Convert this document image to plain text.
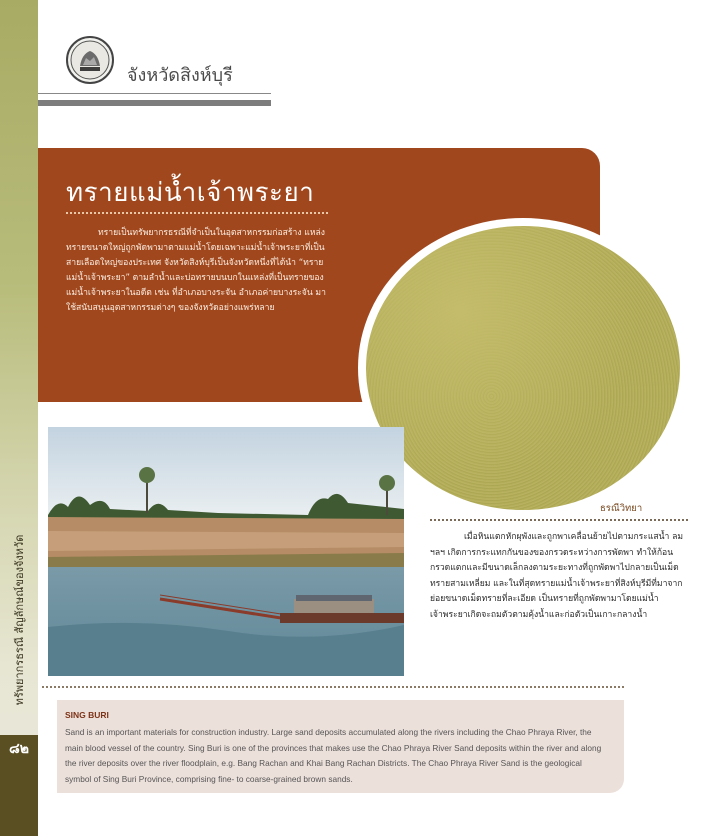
๘๒
ทรัพยากรธรณี สัญลักษณ์ของจังหวัด
จังหวัดสิงห์บุรี
ทรายแม่น้ำเจ้าพระยา

ทรายเป็นทรัพยากรธรณีที่จำเป็นในอุตสาหกรรมก่อสร้าง แหล่งทรายขนาดใหญ่ถูกพัดพามาตามแม่น้ำโดยเฉพาะแม่น้ำเจ้าพระยาที่เป็นสายเลือดใหญ่ของประเทศ จังหวัดสิงห์บุรีเป็นจังหวัดหนึ่งที่ได้นำ “ทรายแม่น้ำเจ้าพระยา” ตามลำน้ำและบ่อทรายบนบกในแหล่งที่เป็นทรายของแม่น้ำเจ้าพระยาในอดีต เช่น ที่อำเภอบางระจัน อำเภอค่ายบางระจัน มาใช้สนับสนุนอุตสาหกรรมต่างๆ ของจังหวัดอย่างแพร่หลาย

ธรณีวิทยา

เมื่อหินแตกหักผุพังและถูกพาเคลื่อนย้ายไปตามกระแสน้ำ ลม ฯลฯ เกิดการกระแทกกันของของกรวดระหว่างการพัดพา ทำให้ก้อนกรวดแตกและมีขนาดเล็กลงตามระยะทางที่ถูกพัดพาไปกลายเป็นเม็ดทรายสามเหลี่ยม และในที่สุดทรายแม่น้ำเจ้าพระยาที่สิงห์บุรีมีที่มาจากย่อยขนาดเม็ดทรายที่ละเอียด เป็นทรายที่ถูกพัดพามาโดยแม่น้ำเจ้าพระยาเกิดจะถมตัวตามคุ้งน้ำและก่อตัวเป็นเกาะกลางน้ำ

SING BURI

Sand is an important materials for construction industry. Large sand deposits accumulated along the rivers including the Chao Phraya River, the main blood vessel of the country. Sing Buri is one of the provinces that makes use the Chao Phraya River Sand deposits within the river and along the river deposits over the river floodplain, e.g. Bang Rachan and Khai Bang Rachan Districts. The Chao Phraya River Sand is the geological symbol of Sing Buri Province, comprising fine- to coarse-grained brown sands.
